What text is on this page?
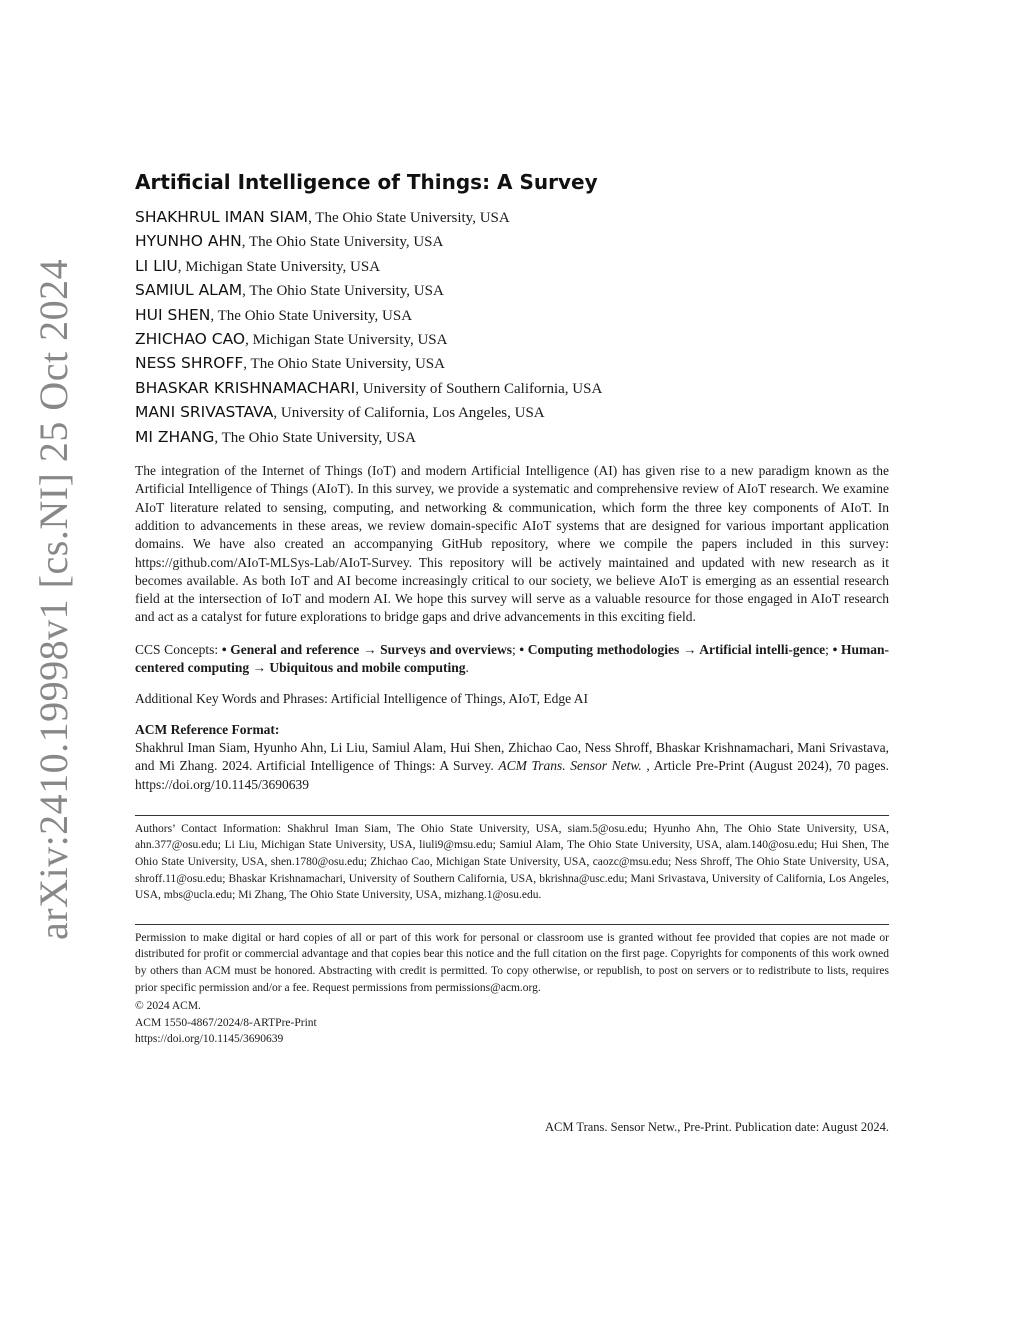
arXiv:2410.19998v1 [cs.NI] 25 Oct 2024
Artificial Intelligence of Things: A Survey
SHAKHRUL IMAN SIAM, The Ohio State University, USA
HYUNHO AHN, The Ohio State University, USA
LI LIU, Michigan State University, USA
SAMIUL ALAM, The Ohio State University, USA
HUI SHEN, The Ohio State University, USA
ZHICHAO CAO, Michigan State University, USA
NESS SHROFF, The Ohio State University, USA
BHASKAR KRISHNAMACHARI, University of Southern California, USA
MANI SRIVASTAVA, University of California, Los Angeles, USA
MI ZHANG, The Ohio State University, USA

The integration of the Internet of Things (IoT) and modern Artificial Intelligence (AI) has given rise to a new paradigm known as the Artificial Intelligence of Things (AIoT). In this survey, we provide a systematic and comprehensive review of AIoT research. We examine AIoT literature related to sensing, computing, and networking & communication, which form the three key components of AIoT. In addition to advancements in these areas, we review domain-specific AIoT systems that are designed for various important application domains. We have also created an accompanying GitHub repository, where we compile the papers included in this survey: https://github.com/AIoT-MLSys-Lab/AIoT-Survey. This repository will be actively maintained and updated with new research as it becomes available. As both IoT and AI become increasingly critical to our society, we believe AIoT is emerging as an essential research field at the intersection of IoT and modern AI. We hope this survey will serve as a valuable resource for those engaged in AIoT research and act as a catalyst for future explorations to bridge gaps and drive advancements in this exciting field.

CCS Concepts: • General and reference → Surveys and overviews; • Computing methodologies → Artificial intelli-gence; • Human-centered computing → Ubiquitous and mobile computing.

Additional Key Words and Phrases: Artificial Intelligence of Things, AIoT, Edge AI

ACM Reference Format:

Shakhrul Iman Siam, Hyunho Ahn, Li Liu, Samiul Alam, Hui Shen, Zhichao Cao, Ness Shroff, Bhaskar Krishnamachari, Mani Srivastava, and Mi Zhang. 2024. Artificial Intelligence of Things: A Survey. ACM Trans. Sensor Netw. , Article Pre-Print (August 2024), 70 pages. https://doi.org/10.1145/3690639

Authors’ Contact Information: Shakhrul Iman Siam, The Ohio State University, USA, siam.5@osu.edu; Hyunho Ahn, The Ohio State University, USA, ahn.377@osu.edu; Li Liu, Michigan State University, USA, liuli9@msu.edu; Samiul Alam, The Ohio State University, USA, alam.140@osu.edu; Hui Shen, The Ohio State University, USA, shen.1780@osu.edu; Zhichao Cao, Michigan State University, USA, caozc@msu.edu; Ness Shroff, The Ohio State University, USA, shroff.11@osu.edu; Bhaskar Krishnamachari, University of Southern California, USA, bkrishna@usc.edu; Mani Srivastava, University of California, Los Angeles, USA, mbs@ucla.edu; Mi Zhang, The Ohio State University, USA, mizhang.1@osu.edu.

Permission to make digital or hard copies of all or part of this work for personal or classroom use is granted without fee provided that copies are not made or distributed for profit or commercial advantage and that copies bear this notice and the full citation on the first page. Copyrights for components of this work owned by others than ACM must be honored. Abstracting with credit is permitted. To copy otherwise, or republish, to post on servers or to redistribute to lists, requires prior specific permission and/or a fee. Request permissions from permissions@acm.org.

© 2024 ACM.

ACM 1550-4867/2024/8-ARTPre-Print

https://doi.org/10.1145/3690639

ACM Trans. Sensor Netw., Pre-Print. Publication date: August 2024.
